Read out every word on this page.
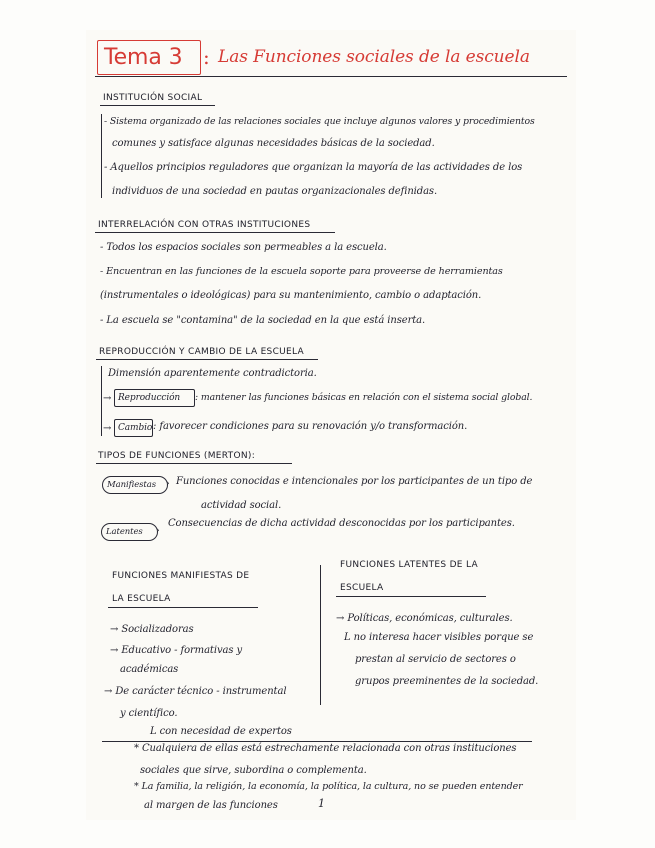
Tema 3 : Las Funciones sociales de la escuela
INSTITUCIÓN SOCIAL
- Sistema organizado de las relaciones sociales que incluye algunos valores y procedimientos
comunes y satisface algunas necesidades básicas de la sociedad.
- Aquellos principios reguladores que organizan la mayoría de las actividades de los
individuos de una sociedad en pautas organizacionales definidas.
INTERRELACIÓN CON OTRAS INSTITUCIONES
- Todos los espacios sociales son permeables a la escuela.
- Encuentran en las funciones de la escuela soporte para proveerse de herramientas
(instrumentales o ideológicas) para su mantenimiento, cambio o adaptación.
- La escuela se "contamina" de la sociedad en la que está inserta.
REPRODUCCIÓN Y CAMBIO DE LA ESCUELA
Dimensión aparentemente contradictoria.
→ Reproducción : mantener las funciones básicas en relación con el sistema social global.
→ Cambio : favorecer condiciones para su renovación y/o transformación.
TIPOS DE FUNCIONES (MERTON):
Manifiestas › Funciones conocidas e intencionales por los participantes de un tipo de
actividad social.
Latentes ›
Consecuencias de dicha actividad desconocidas por los participantes.
FUNCIONES MANIFIESTAS DE
LA ESCUELA
→ Socializadoras
→ Educativo - formativas y
académicas
→ De carácter técnico - instrumental
y científico.
L con necesidad de expertos
FUNCIONES LATENTES DE LA
ESCUELA
→ Políticas, económicas, culturales.
L no interesa hacer visibles porque se
prestan al servicio de sectores o
grupos preeminentes de la sociedad.
* Cualquiera de ellas está estrechamente relacionada con otras instituciones
sociales que sirve, subordina o complementa.
* La familia, la religión, la economía, la política, la cultura, no se pueden entender
al margen de las funciones	1
